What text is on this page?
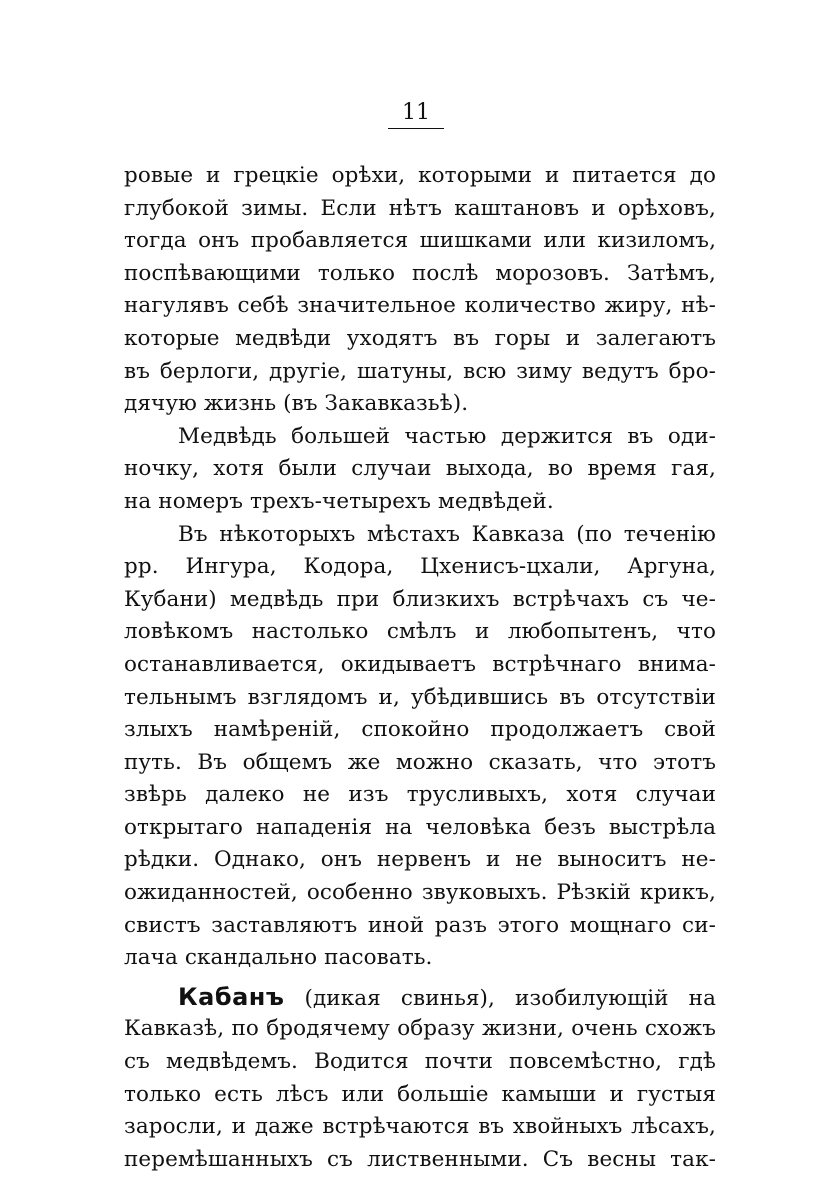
11
ровые и грецкіе орѣхи, которыми и питается до
глубокой зимы. Если нѣтъ каштановъ и орѣховъ,
тогда онъ пробавляется шишками или кизиломъ,
поспѣвающими только послѣ морозовъ. Затѣмъ,
нагулявъ себѣ значительное количество жиру, нѣ-
которые медвѣди уходятъ въ горы и залегаютъ
въ берлоги, другіе, шатуны, всю зиму ведутъ бро-
дячую жизнь (въ Закавказьѣ).
Медвѣдь большей частью держится въ оди-
ночку, хотя были случаи выхода, во время гая,
на номеръ трехъ-четырехъ медвѣдей.
Въ нѣкоторыхъ мѣстахъ Кавказа (по теченію
рр. Ингура, Кодора, Цхенисъ-цхали, Аргуна,
Кубани) медвѣдь при близкихъ встрѣчахъ съ че-
ловѣкомъ настолько смѣлъ и любопытенъ, что
останавливается, окидываетъ встрѣчнаго внима-
тельнымъ взглядомъ и, убѣдившись въ отсутствіи
злыхъ намѣреній, спокойно продолжаетъ свой
путь. Въ общемъ же можно сказать, что этотъ
звѣрь далеко не изъ трусливыхъ, хотя случаи
открытаго нападенія на человѣка безъ выстрѣла
рѣдки. Однако, онъ нервенъ и не выноситъ не-
ожиданностей, особенно звуковыхъ. Рѣзкій крикъ,
свистъ заставляютъ иной разъ этого мощнаго си-
лача скандально пасовать.
Кабанъ (дикая свинья), изобилующій на
Кавказѣ, по бродячему образу жизни, очень схожъ
съ медвѣдемъ. Водится почти повсемѣстно, гдѣ
только есть лѣсъ или большіе камыши и густыя
заросли, и даже встрѣчаются въ хвойныхъ лѣсахъ,
перемѣшанныхъ съ лиственными. Съ весны так-
